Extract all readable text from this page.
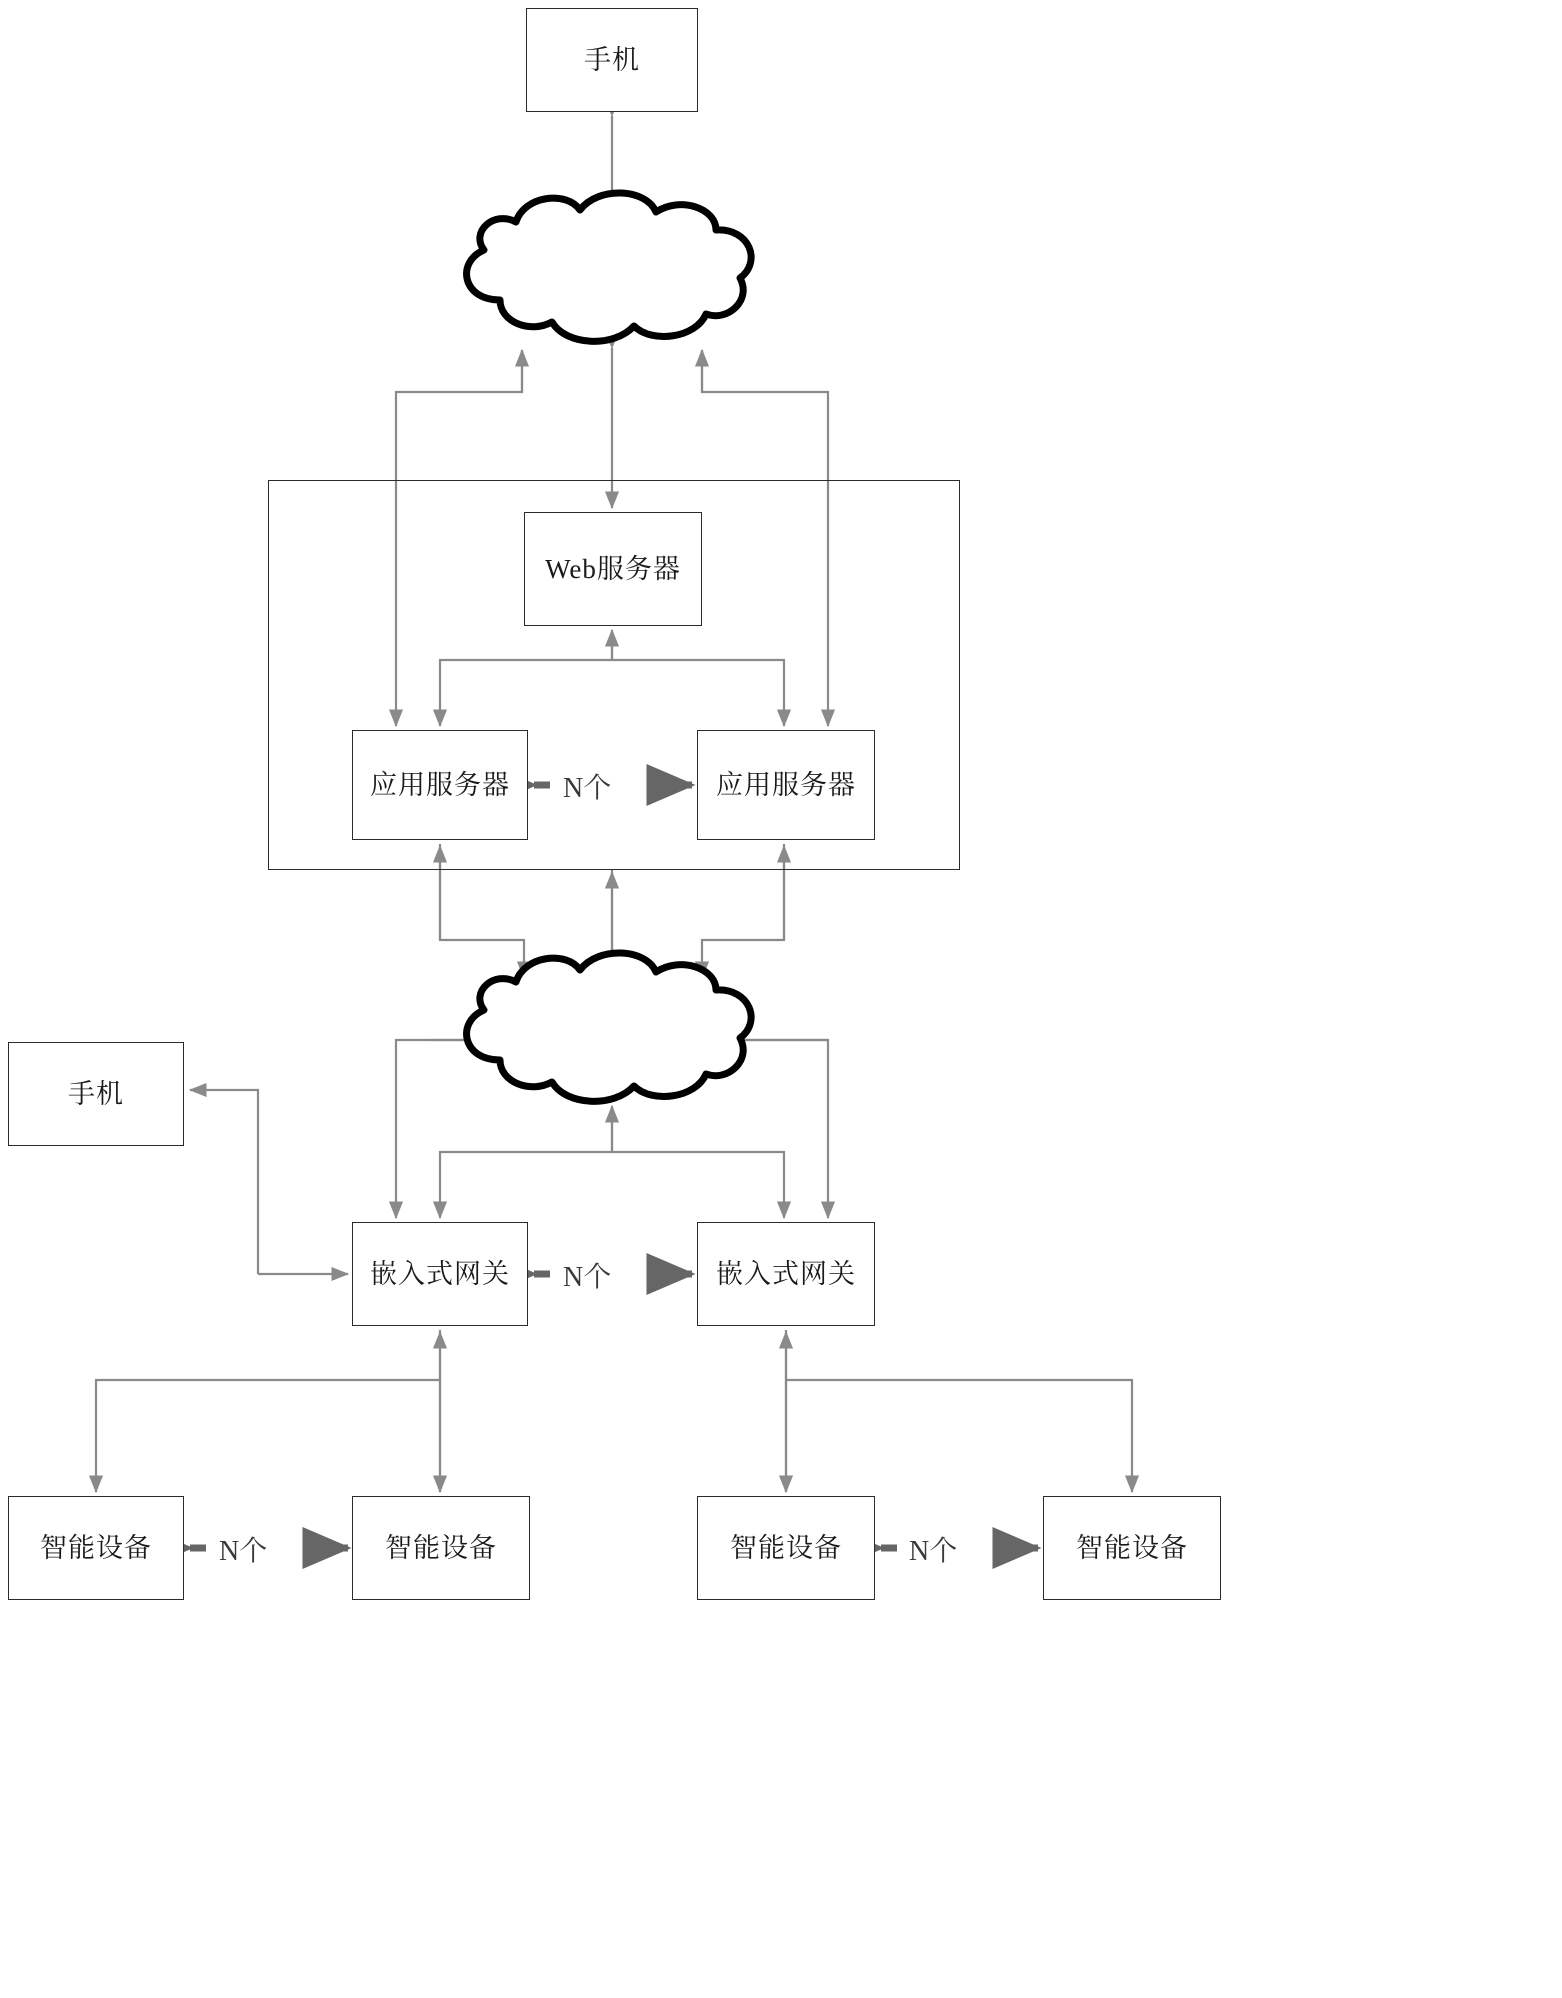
手机
Web服务器
应用服务器	应用服务器
手机
嵌入式网关	嵌入式网关
智能设备	智能设备	智能设备	智能设备
N个
N个
N个	N个
